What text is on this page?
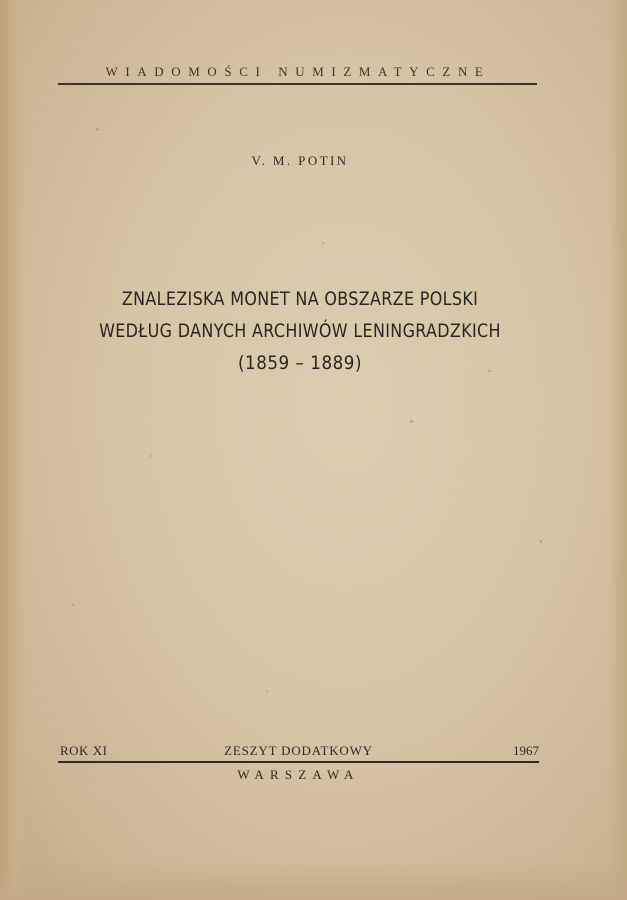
WIADOMOŚCI NUMIZMATYCZNE
V. M. POTIN
ZNALEZISKA MONET NA OBSZARZE POLSKI
WEDŁUG DANYCH ARCHIWÓW LENINGRADZKICH
(1859 – 1889)
ROK XI	ZESZYT DODATKOWY	1967
WARSZAWA
